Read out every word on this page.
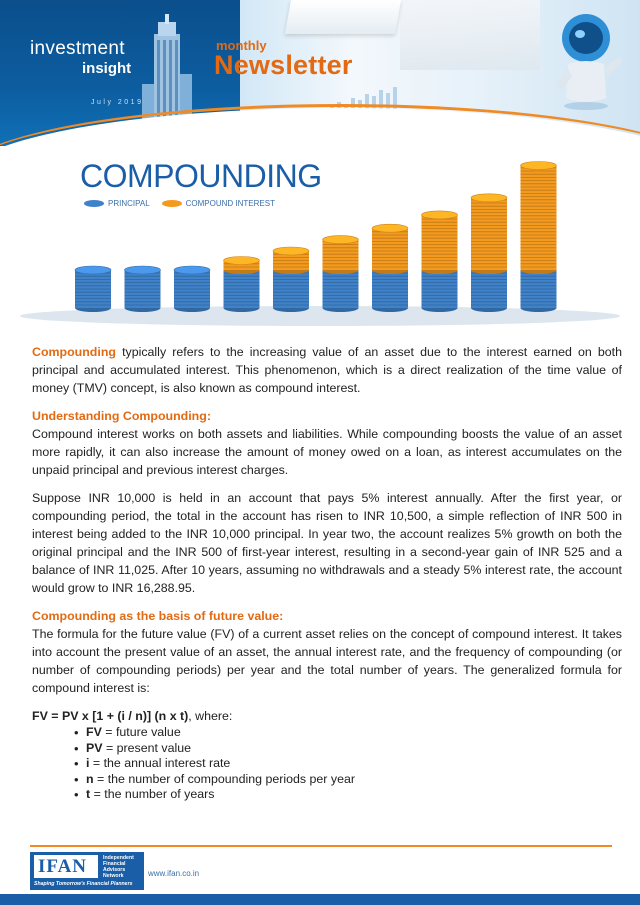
investment
insight
July 2019
monthly
Newsletter
COMPOUNDING
PRINCIPAL	COMPOUND INTEREST

Compounding typically refers to the increasing value of an asset due to the interest earned on both principal and accumulated interest. This phenomenon, which is a direct realization of the time value of money (TMV) concept, is also known as compound interest.

Understanding Compounding:

Compound interest works on both assets and liabilities. While compounding boosts the value of an asset more rapidly, it can also increase the amount of money owed on a loan, as interest accumulates on the unpaid principal and previous interest charges.

Suppose INR 10,000 is held in an account that pays 5% interest annually. After the first year, or compounding period, the total in the account has risen to INR 10,500, a simple reflection of INR 500 in interest being added to the INR 10,000 principal. In year two, the account realizes 5% growth on both the original principal and the INR 500 of first-year interest, resulting in a second-year gain of INR 525 and a balance of INR 11,025. After 10 years, assuming no withdrawals and a steady 5% interest rate, the account would grow to INR 16,288.95.

Compounding as the basis of future value:

The formula for the future value (FV) of a current asset relies on the concept of compound interest. It takes into account the present value of an asset, the annual interest rate, and the frequency of compounding (or number of compounding periods) per year and the total number of years. The generalized formula for compound interest is:

FV = PV x [1 + (i / n)] (n x t), where:
• FV = future value
• PV = present value
• i = the annual interest rate
• n = the number of compounding periods per year
• t = the number of years
IFAN	Independent Financial Advisors Network
Shaping Tomorrow's Financial Planners
www.ifan.co.in
